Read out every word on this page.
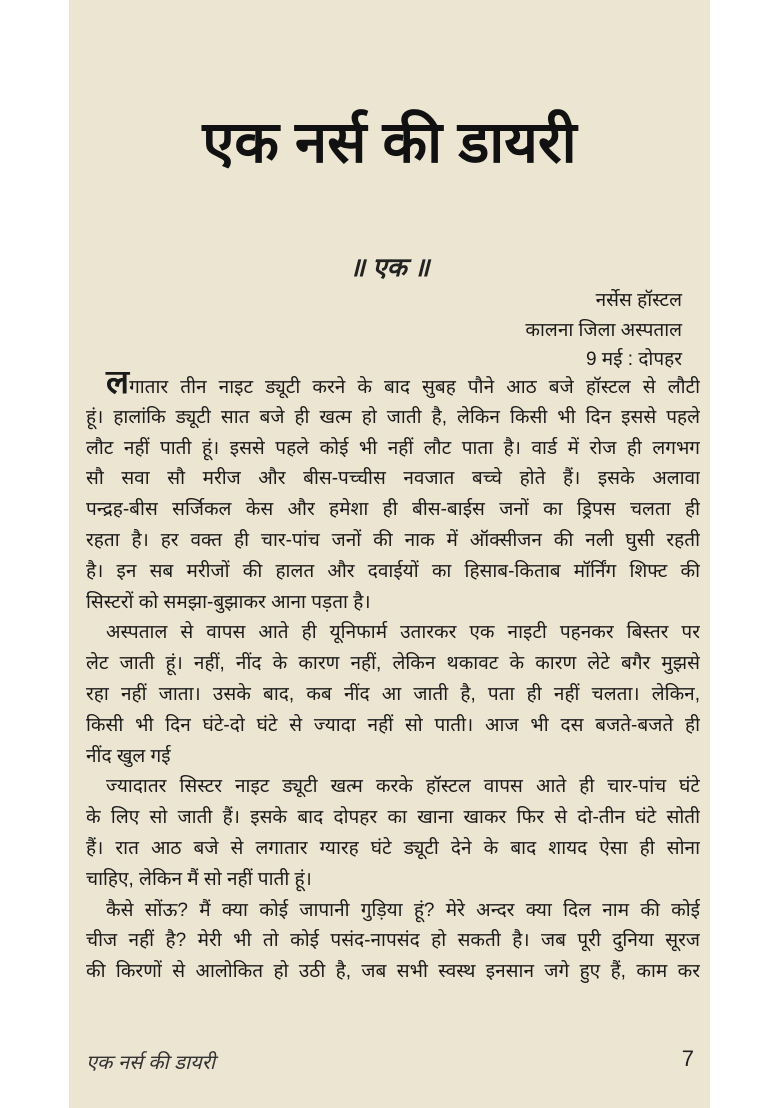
एक नर्स की डायरी
॥ एक ॥
नर्सेस हॉस्टल
कालना जिला अस्पताल
9 मई : दोपहर
लगातार तीन नाइट ड्यूटी करने के बाद सुबह पौने आठ बजे हॉस्टल से लौटी
हूं। हालांकि ड्यूटी सात बजे ही खत्म हो जाती है, लेकिन किसी भी दिन इससे पहले
लौट नहीं पाती हूं। इससे पहले कोई भी नहीं लौट पाता है। वार्ड में रोज ही लगभग
सौ सवा सौ मरीज और बीस-पच्चीस नवजात बच्चे होते हैं। इसके अलावा
पन्द्रह-बीस सर्जिकल केस और हमेशा ही बीस-बाईस जनों का ड्रिपस चलता ही
रहता है। हर वक्त ही चार-पांच जनों की नाक में ऑक्सीजन की नली घुसी रहती
है। इन सब मरीजों की हालत और दवाईयों का हिसाब-किताब मॉर्निंग शिफ्ट की
सिस्टरों को समझा-बुझाकर आना पड़ता है।
अस्पताल से वापस आते ही यूनिफार्म उतारकर एक नाइटी पहनकर बिस्तर पर
लेट जाती हूं। नहीं, नींद के कारण नहीं, लेकिन थकावट के कारण लेटे बगैर मुझसे
रहा नहीं जाता। उसके बाद, कब नींद आ जाती है, पता ही नहीं चलता। लेकिन,
किसी भी दिन घंटे-दो घंटे से ज्यादा नहीं सो पाती। आज भी दस बजते-बजते ही
नींद खुल गई
ज्यादातर सिस्टर नाइट ड्यूटी खत्म करके हॉस्टल वापस आते ही चार-पांच घंटे
के लिए सो जाती हैं। इसके बाद दोपहर का खाना खाकर फिर से दो-तीन घंटे सोती
हैं। रात आठ बजे से लगातार ग्यारह घंटे ड्यूटी देने के बाद शायद ऐसा ही सोना
चाहिए, लेकिन मैं सो नहीं पाती हूं।
कैसे सोंऊ? मैं क्या कोई जापानी गुड़िया हूं? मेरे अन्दर क्या दिल नाम की कोई
चीज नहीं है? मेरी भी तो कोई पसंद-नापसंद हो सकती है। जब पूरी दुनिया सूरज
की किरणों से आलोकित हो उठी है, जब सभी स्वस्थ इनसान जगे हुए हैं, काम कर
एक नर्स की डायरी	7
